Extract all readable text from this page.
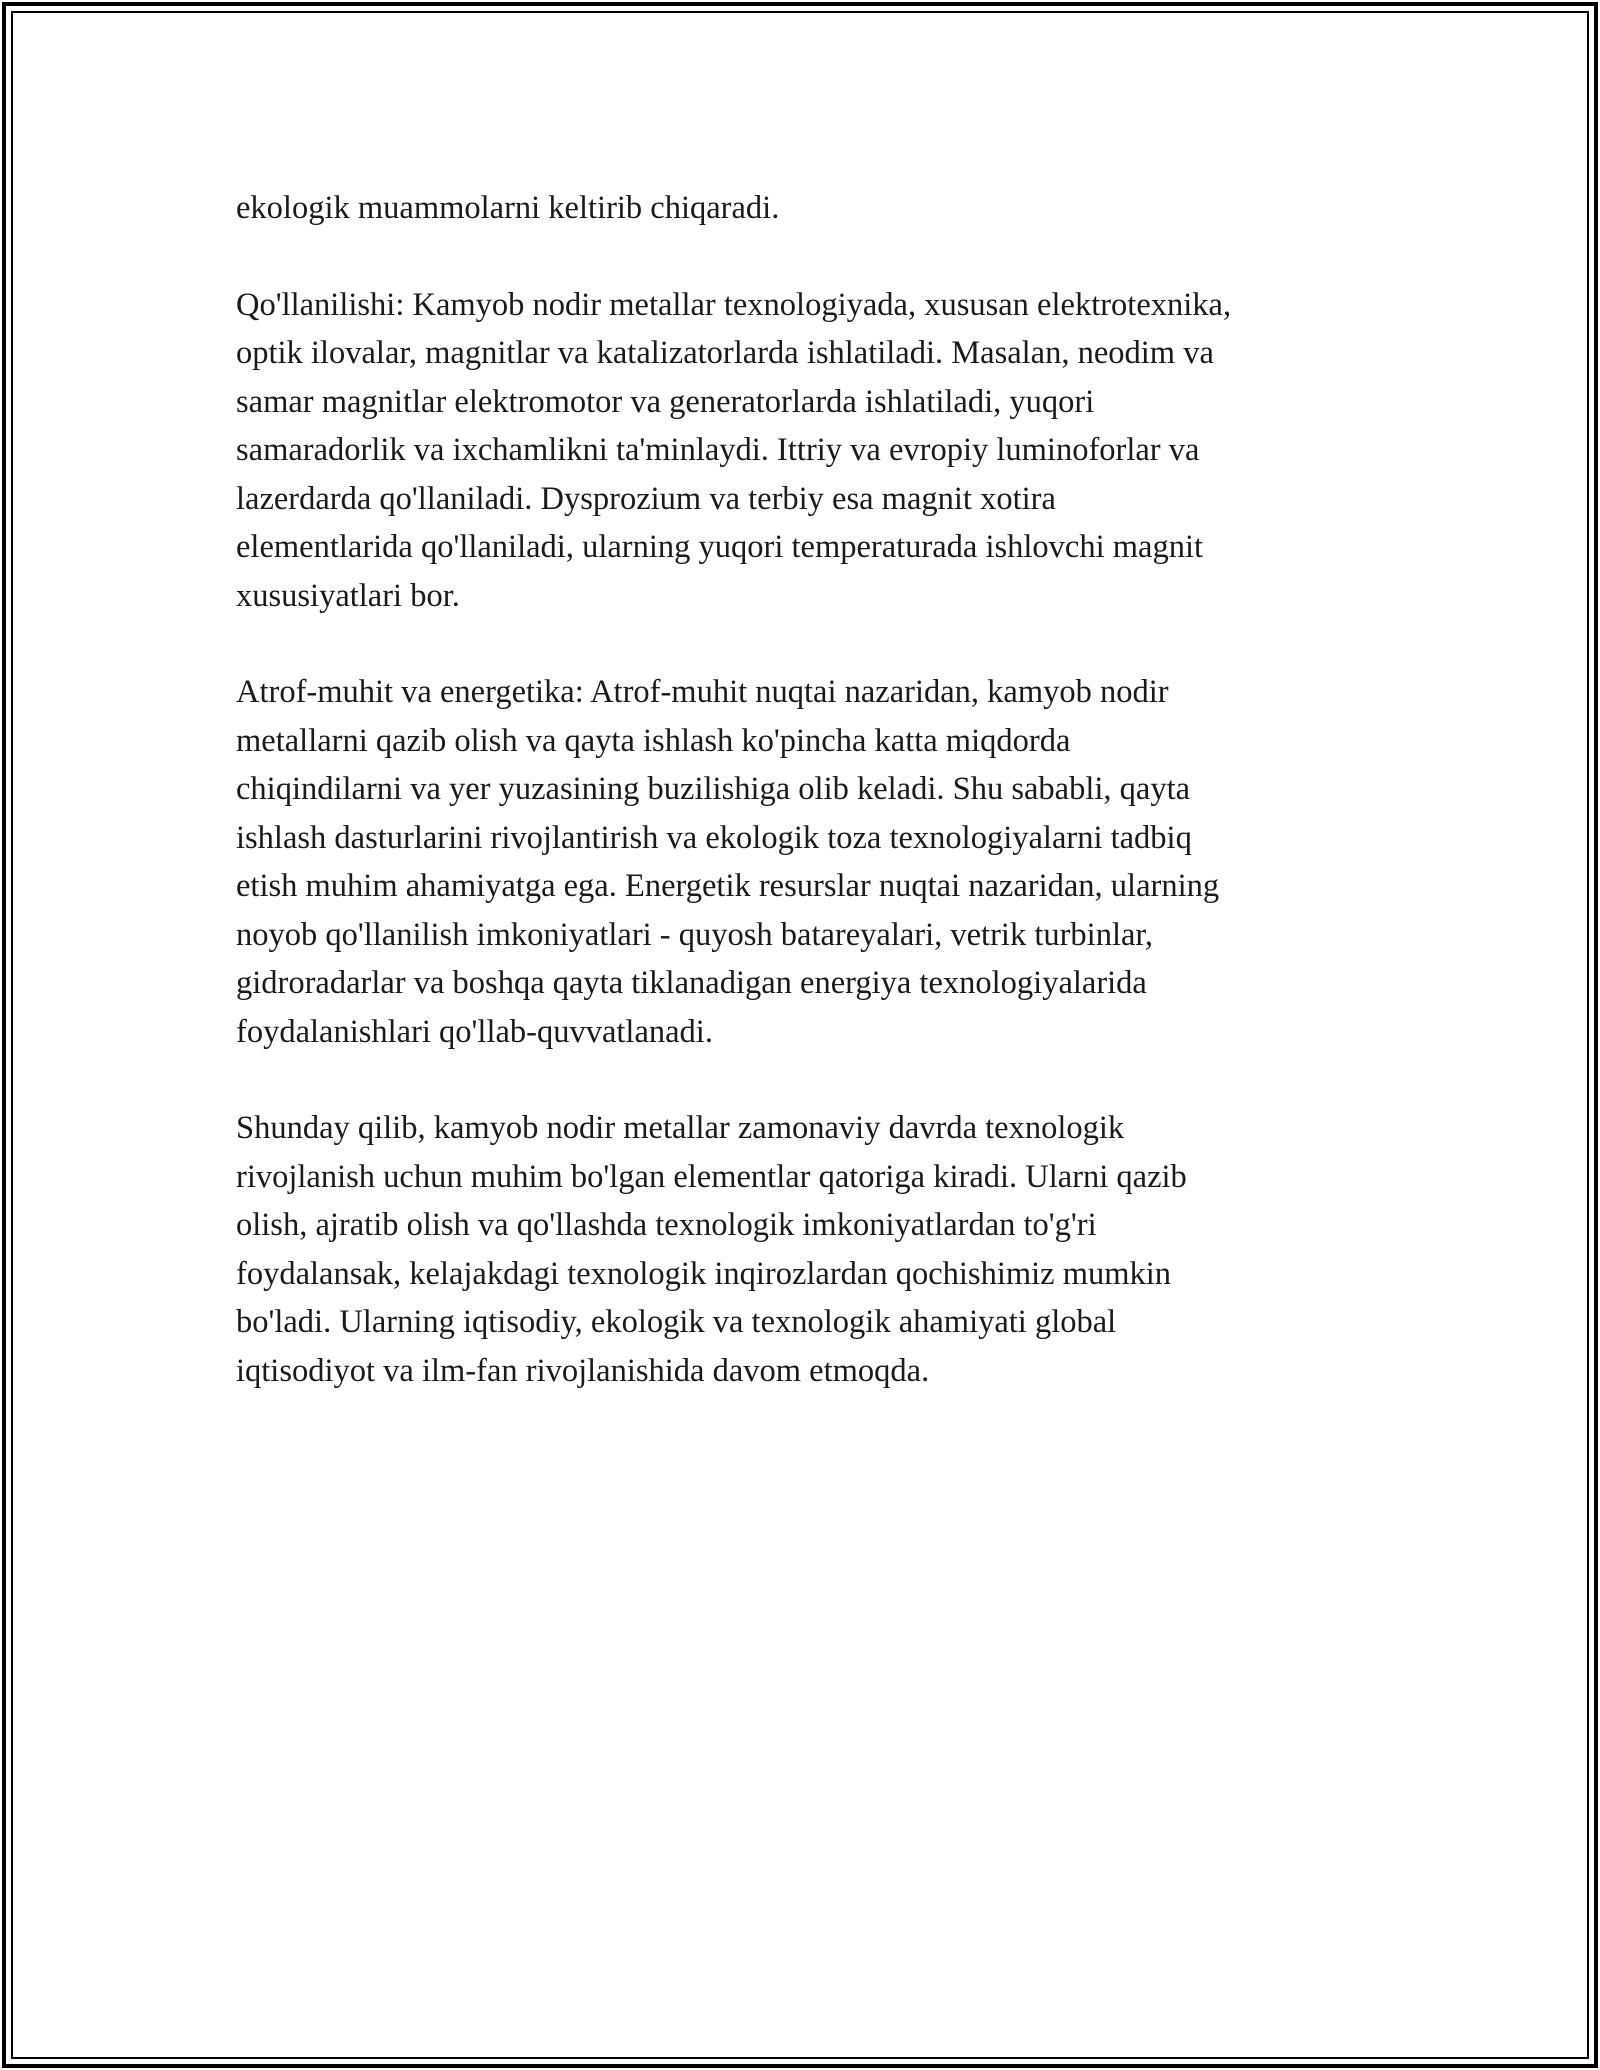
ekologik muammolarni keltirib chiqaradi.

Qo'llanilishi: Kamyob nodir metallar texnologiyada, xususan elektrotexnika,
optik ilovalar, magnitlar va katalizatorlarda ishlatiladi. Masalan, neodim va
samar magnitlar elektromotor va generatorlarda ishlatiladi, yuqori
samaradorlik va ixchamlikni ta'minlaydi. Ittriy va evropiy luminoforlar va
lazerdarda qo'llaniladi. Dysprozium va terbiy esa magnit xotira
elementlarida qo'llaniladi, ularning yuqori temperaturada ishlovchi magnit
xususiyatlari bor.

Atrof-muhit va energetika: Atrof-muhit nuqtai nazaridan, kamyob nodir
metallarni qazib olish va qayta ishlash ko'pincha katta miqdorda
chiqindilarni va yer yuzasining buzilishiga olib keladi. Shu sababli, qayta
ishlash dasturlarini rivojlantirish va ekologik toza texnologiyalarni tadbiq
etish muhim ahamiyatga ega. Energetik resurslar nuqtai nazaridan, ularning
noyob qo'llanilish imkoniyatlari - quyosh batareyalari, vetrik turbinlar,
gidroradarlar va boshqa qayta tiklanadigan energiya texnologiyalarida
foydalanishlari qo'llab-quvvatlanadi.

Shunday qilib, kamyob nodir metallar zamonaviy davrda texnologik
rivojlanish uchun muhim bo'lgan elementlar qatoriga kiradi. Ularni qazib
olish, ajratib olish va qo'llashda texnologik imkoniyatlardan to'g'ri
foydalansak, kelajakdagi texnologik inqirozlardan qochishimiz mumkin
bo'ladi. Ularning iqtisodiy, ekologik va texnologik ahamiyati global
iqtisodiyot va ilm-fan rivojlanishida davom etmoqda.
